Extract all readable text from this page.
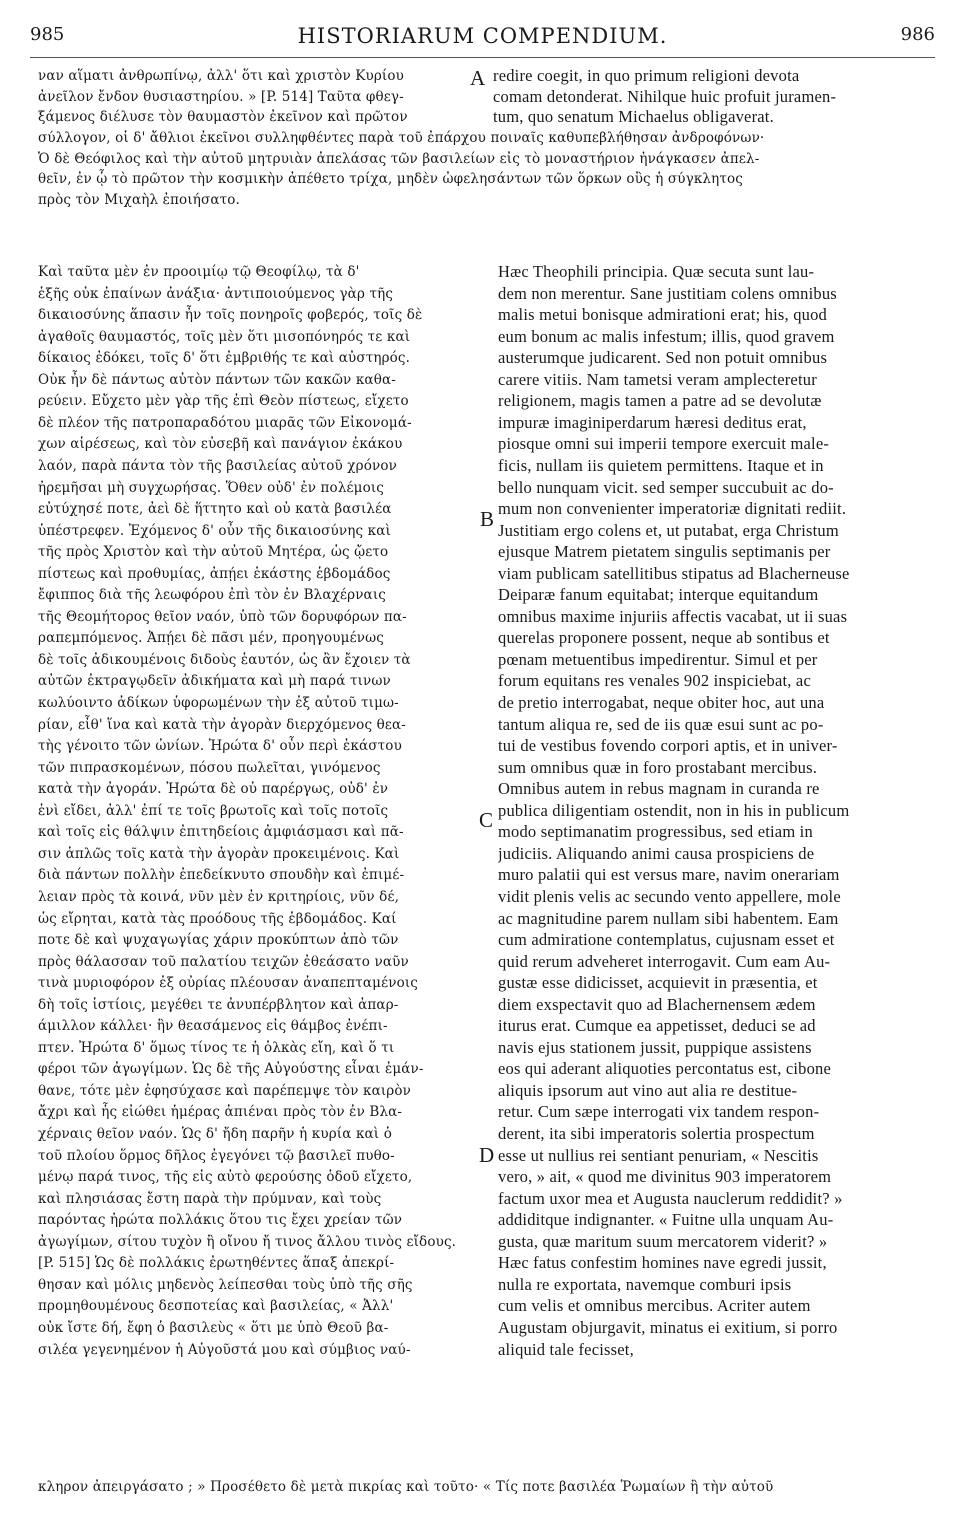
985	HISTORIARUM COMPENDIUM.	986
ναν αἵματι ἀνθρωπίνῳ, ἀλλ' ὅτι καὶ χριστὸν Κυρίου
ἀνεῖλον ἔνδον θυσιαστηρίου. » [P. 514] Ταῦτα φθεγ-
ξάμενος διέλυσε τὸν θαυμαστὸν ἐκεῖνον καὶ πρῶτον
redire coegit, in quo primum religioni devota
comam detonderat. Nihilque huic profuit juramen-
tum, quo senatum Michaelus obligaverat.
σύλλογον, οἱ δ' ἄθλιοι ἐκεῖνοι συλληφθέντες παρὰ τοῦ ἐπάρχου ποιναῖς καθυπεβλήθησαν ἀνδροφόνων·
Ὁ δὲ Θεόφιλος καὶ τὴν αὐτοῦ μητρυιὰν ἀπελάσας τῶν βασιλείων εἰς τὸ μοναστήριον ἠνάγκασεν ἀπελ-
θεῖν, ἐν ᾧ τὸ πρῶτον τὴν κοσμικὴν ἀπέθετο τρίχα, μηδὲν ὠφελησάντων τῶν ὅρκων οὓς ἡ σύγκλητος
πρὸς τὸν Μιχαὴλ ἐποιήσατο.
Καὶ ταῦτα μὲν ἐν προοιμίῳ τῷ Θεοφίλῳ, τὰ δ'
ἑξῆς οὐκ ἐπαίνων ἀνάξια· ἀντιποιούμενος γὰρ τῆς
δικαιοσύνης ἅπασιν ἦν τοῖς πονηροῖς φοβερός, τοῖς δὲ
ἀγαθοῖς θαυμαστός, τοῖς μὲν ὅτι μισοπόνηρός τε καὶ
δίκαιος ἐδόκει, τοῖς δ' ὅτι ἐμβριθής τε καὶ αὐστηρός.
Οὐκ ἦν δὲ πάντως αὐτὸν πάντων τῶν κακῶν καθα-
ρεύειν. Εὔχετο μὲν γὰρ τῆς ἐπὶ Θεὸν πίστεως, εἴχετο
δὲ πλέον τῆς πατροπαραδότου μιαρᾶς τῶν Εἰκονομά-
χων αἱρέσεως, καὶ τὸν εὐσεβῆ καὶ πανάγιον ἐκάκου
λαόν, παρὰ πάντα τὸν τῆς βασιλείας αὐτοῦ χρόνον
ἠρεμῆσαι μὴ συγχωρήσας. Ὅθεν οὐδ' ἐν πολέμοις
εὐτύχησέ ποτε, ἀεὶ δὲ ἥττητο καὶ οὐ κατὰ βασιλέα
ὑπέστρεφεν. Ἐχόμενος δ' οὖν τῆς δικαιοσύνης καὶ
τῆς πρὸς Χριστὸν καὶ τὴν αὐτοῦ Μητέρα, ὡς ᾤετο
πίστεως καὶ προθυμίας, ἀπῄει ἑκάστης ἑβδομάδος
ἔφιππος διὰ τῆς λεωφόρου ἐπὶ τὸν ἐν Βλαχέρναις
τῆς Θεομήτορος θεῖον ναόν, ὑπὸ τῶν δορυφόρων πα-
ραπεμπόμενος. Ἀπῄει δὲ πᾶσι μέν, προηγουμένως
δὲ τοῖς ἀδικουμένοις διδοὺς ἑαυτόν, ὡς ἂν ἔχοιεν τὰ
αὐτῶν ἐκτραγῳδεῖν ἀδικήματα καὶ μὴ παρά τινων
κωλύοιντο ἀδίκων ὑφορωμένων τὴν ἐξ αὐτοῦ τιμω-
ρίαν, εἶθ' ἵνα καὶ κατὰ τὴν ἀγορὰν διερχόμενος θεα-
τὴς γένοιτο τῶν ὠνίων. Ἠρώτα δ' οὖν περὶ ἑκάστου
τῶν πιπρασκομένων, πόσου πωλεῖται, γινόμενος
κατὰ τὴν ἀγοράν. Ἠρώτα δὲ οὐ παρέργως, οὐδ' ἐν
ἑνὶ εἴδει, ἀλλ' ἐπί τε τοῖς βρωτοῖς καὶ τοῖς ποτοῖς
καὶ τοῖς εἰς θάλψιν ἐπιτηδείοις ἀμφιάσμασι καὶ πᾶ-
σιν ἁπλῶς τοῖς κατὰ τὴν ἀγορὰν προκειμένοις. Καὶ
διὰ πάντων πολλὴν ἐπεδείκνυτο σπουδὴν καὶ ἐπιμέ-
λειαν πρὸς τὰ κοινά, νῦν μὲν ἐν κριτηρίοις, νῦν δέ,
ὡς εἴρηται, κατὰ τὰς προόδους τῆς ἑβδομάδος. Καί
ποτε δὲ καὶ ψυχαγωγίας χάριν προκύπτων ἀπὸ τῶν
πρὸς θάλασσαν τοῦ παλατίου τειχῶν ἐθεάσατο ναῦν
τινὰ μυριοφόρον ἐξ οὐρίας πλέουσαν ἀναπεπταμένοις
δὴ τοῖς ἱστίοις, μεγέθει τε ἀνυπέρβλητον καὶ ἀπαρ-
άμιλλον κάλλει· ἣν θεασάμενος εἰς θάμβος ἐνέπι-
πτεν. Ἠρώτα δ' ὅμως τίνος τε ἡ ὁλκὰς εἴη, καὶ ὅ τι
φέροι τῶν ἀγωγίμων. Ὡς δὲ τῆς Αὐγούστης εἶναι ἐμάν-
θανε, τότε μὲν ἐφησύχασε καὶ παρέπεμψε τὸν καιρὸν
ἄχρι καὶ ἧς εἰώθει ἡμέρας ἀπιέναι πρὸς τὸν ἐν Βλα-
χέρναις θεῖον ναόν. Ὡς δ' ἤδη παρῆν ἡ κυρία καὶ ὁ
τοῦ πλοίου ὅρμος δῆλος ἐγεγόνει τῷ βασιλεῖ πυθο-
μένῳ παρά τινος, τῆς εἰς αὐτὸ φερούσης ὁδοῦ εἴχετο,
καὶ πλησιάσας ἔστη παρὰ τὴν πρύμναν, καὶ τοὺς
παρόντας ἠρώτα πολλάκις ὅτου τις ἔχει χρείαν τῶν
ἀγωγίμων, σίτου τυχὸν ἢ οἴνου ἤ τινος ἄλλου τινὸς εἴδους.
[P. 515] Ὡς δὲ πολλάκις ἐρωτηθέντες ἅπαξ ἀπεκρί-
θησαν καὶ μόλις μηδενὸς λείπεσθαι τοὺς ὑπὸ τῆς σῆς
προμηθουμένους δεσποτείας καὶ βασιλείας, « Ἀλλ'
οὐκ ἴστε δή, ἔφη ὁ βασιλεὺς « ὅτι με ὑπὸ Θεοῦ βα-
σιλέα γεγενημένον ἡ Αὐγοῦστά μου καὶ σύμβιος ναύ-
Hæc Theophili principia. Quæ secuta sunt lau-
dem non merentur. Sane justitiam colens omnibus
malis metui bonisque admirationi erat; his, quod
eum bonum ac malis infestum; illis, quod gravem
austerumque judicarent. Sed non potuit omnibus
carere vitiis. Nam tametsi veram amplecteretur
religionem, magis tamen a patre ad se devolutæ
impuræ imaginiperdarum hæresi deditus erat,
piosque omni sui imperii tempore exercuit male-
ficis, nullam iis quietem permittens. Itaque et in
bello nunquam vicit. sed semper succubuit ac do-
mum non convenienter imperatoriæ dignitati rediit.
Justitiam ergo colens et, ut putabat, erga Christum
ejusque Matrem pietatem singulis septimanis per
viam publicam satellitibus stipatus ad Blacherneuse
Deiparæ fanum equitabat; interque equitandum
omnibus maxime injuriis affectis vacabat, ut ii suas
querelas proponere possent, neque ab sontibus et
pœnam metuentibus impedirentur. Simul et per
forum equitans res venales 902 inspiciebat, ac
de pretio interrogabat, neque obiter hoc, aut una
tantum aliqua re, sed de iis quæ esui sunt ac po-
tui de vestibus fovendo corpori aptis, et in univer-
sum omnibus quæ in foro prostabant mercibus.
Omnibus autem in rebus magnam in curanda re
publica diligentiam ostendit, non in his in publicum
modo septimanatim progressibus, sed etiam in
judiciis. Aliquando animi causa prospiciens de
muro palatii qui est versus mare, navim onerariam
vidit plenis velis ac secundo vento appellere, mole
ac magnitudine parem nullam sibi habentem. Eam
cum admiratione contemplatus, cujusnam esset et
quid rerum adveheret interrogavit. Cum eam Au-
gustæ esse didicisset, acquievit in præsentia, et
diem exspectavit quo ad Blachernensem ædem
iturus erat. Cumque ea appetisset, deduci se ad
navis ejus stationem jussit, puppique assistens
eos qui aderant aliquoties percontatus est, cibone
aliquis ipsorum aut vino aut alia re destitue-
retur. Cum sæpe interrogati vix tandem respon-
derent, ita sibi imperatoris solertia prospectum
esse ut nullius rei sentiant penuriam, « Nescitis
vero, » ait, « quod me divinitus 903 imperatorem
factum uxor mea et Augusta nauclerum reddidit? »
addiditque indignanter. « Fuitne ulla unquam Au-
gusta, quæ maritum suum mercatorem viderit? »
Hæc fatus confestim homines nave egredi jussit,
nulla re exportata, navemque comburi ipsis
cum velis et omnibus mercibus. Acriter autem
Augustam objurgavit, minatus ei exitium, si porro
aliquid tale fecisset,
κληρον ἀπειργάσατο ; » Προσέθετο δὲ μετὰ πικρίας καὶ τοῦτο· « Τίς ποτε βασιλέα Ῥωμαίων ἢ τὴν αὐτοῦ
A
B
C
D
